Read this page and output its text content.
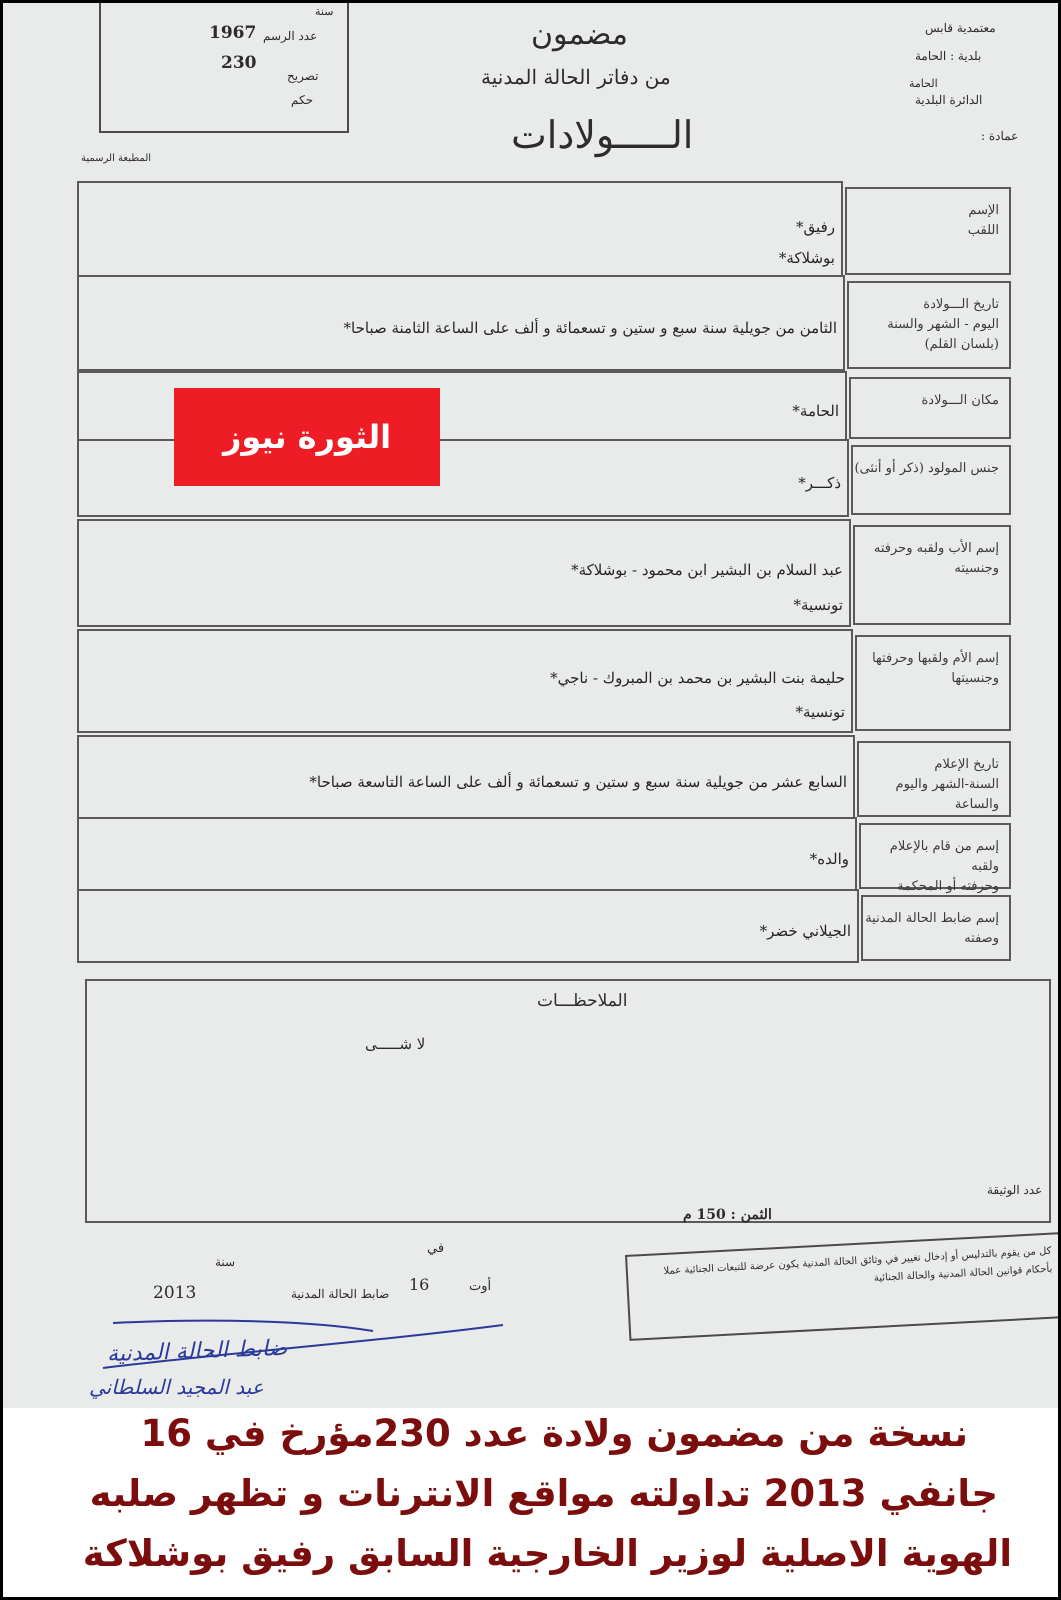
سنة
1967 عدد الرسم
230
تصريح
حكم
مضمون
من دفاتر الحالة المدنية
الـــــولادات
المطبعة الرسمية
معتمدية قابس
بلدية : الحامة
الحامة
الدائرة البلدية
عمادة :
رفيق*
بوشلاكة*
الإسم
اللقب
الثامن من جويلية سنة سبع و ستين و تسعمائة و ألف على الساعة الثامنة صباحا*
تاريخ الـــولادة
اليوم - الشهر والسنة
(بلسان القلم)
الحامة*
مكان الـــولادة
ذكـــر*
جنس المولود (ذكر أو أنثى)
عبد السلام بن البشير ابن محمود - بوشلاكة*
تونسية*
إسم الأب ولقبه وحرفته
وجنسيته
حليمة بنت البشير بن محمد بن المبروك - ناجي*
تونسية*
إسم الأم ولقبها وحرفتها
وجنسيتها
السابع عشر من جويلية سنة سبع و ستين و تسعمائة و ألف على الساعة التاسعة صباحا*
تاريخ الإعلام
السنة-الشهر واليوم والساعة
والده*
إسم من قام بالإعلام ولقبه
وحرفته أو المحكمة
الجيلاني خضر*
إسم ضابط الحالة المدنية
وصفته
الملاحظـــات
لا شـــــى
عدد الوثيقة
الثمن : 150 م
في
سنة
أوت
ضابط الحالة المدنية 16
2013
كل من يقوم بالتدليس أو إدخال تغيير في وثائق الحالة المدنية يكون عرضة للتبعات الجنائية عملا بأحكام قوانين الحالة المدنية والحالة الجنائية
ضابط الحالة المدنية
عبد المجيد السلطاني
الثورة نيوز
نسخة من مضمون ولادة عدد 230مؤرخ في 16
جانفي 2013 تداولته مواقع الانترنات و تظهر صلبه
الهوية الاصلية لوزير الخارجية السابق رفيق بوشلاكة
